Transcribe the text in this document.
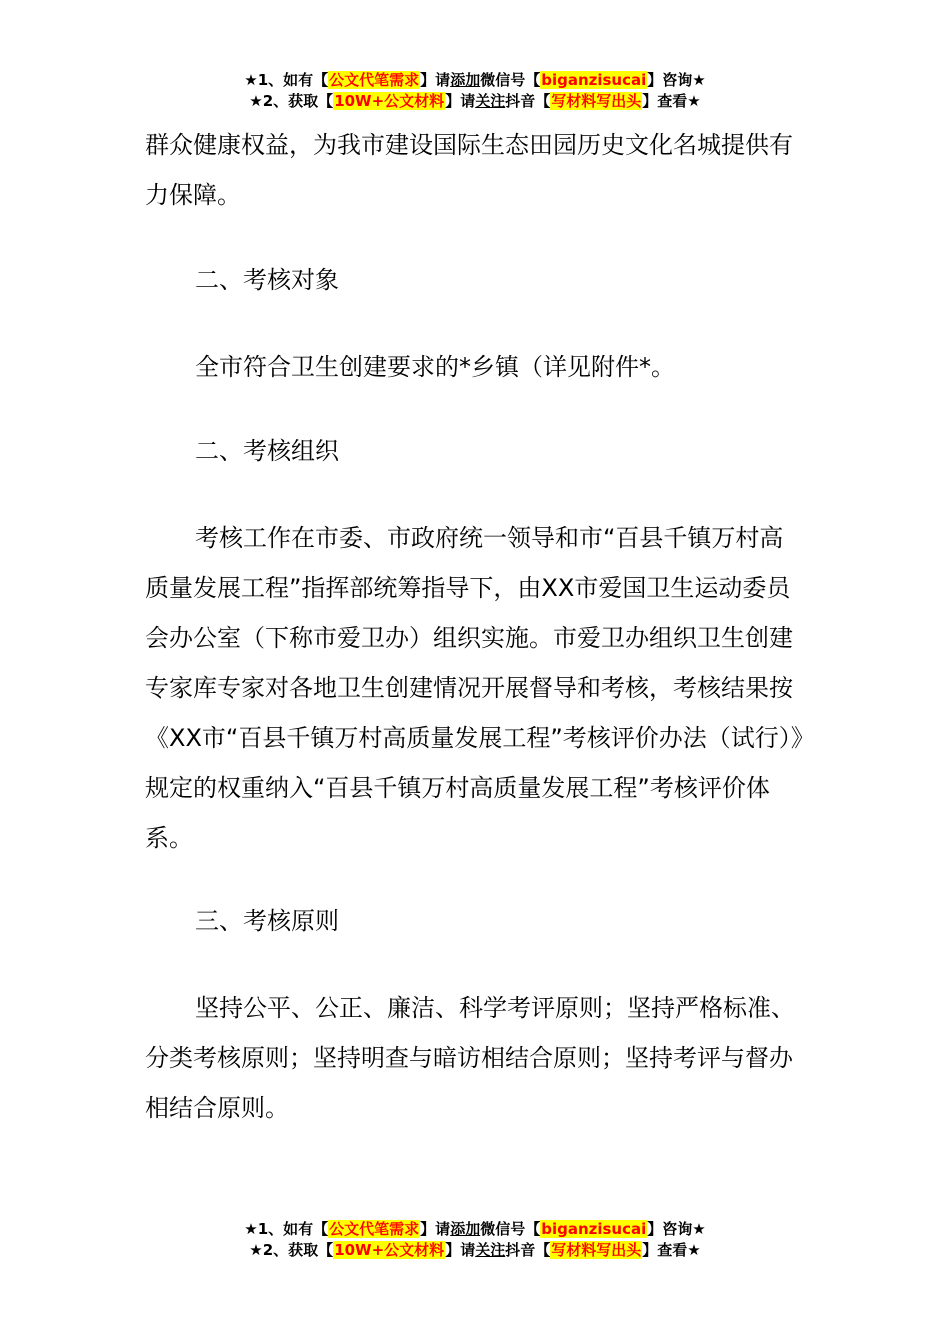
★1、如有【公文代笔需求】请添加微信号【biganzisucai】咨询★
★2、获取【10W+公文材料】请关注抖音【写材料写出头】查看★

群众健康权益，为我市建设国际生态田园历史文化名城提供有力保障。

二、考核对象

全市符合卫生创建要求的*乡镇（详见附件*。

二、考核组织

考核工作在市委、市政府统一领导和市“百县千镇万村高质量发展工程”指挥部统筹指导下，由XX市爱国卫生运动委员会办公室（下称市爱卫办）组织实施。市爱卫办组织卫生创建专家库专家对各地卫生创建情况开展督导和考核，考核结果按《XX市“百县千镇万村高质量发展工程”考核评价办法（试行）》规定的权重纳入“百县千镇万村高质量发展工程”考核评价体系。

三、考核原则

坚持公平、公正、廉洁、科学考评原则；坚持严格标准、分类考核原则；坚持明查与暗访相结合原则；坚持考评与督办相结合原则。

★1、如有【公文代笔需求】请添加微信号【biganzisucai】咨询★
★2、获取【10W+公文材料】请关注抖音【写材料写出头】查看★
